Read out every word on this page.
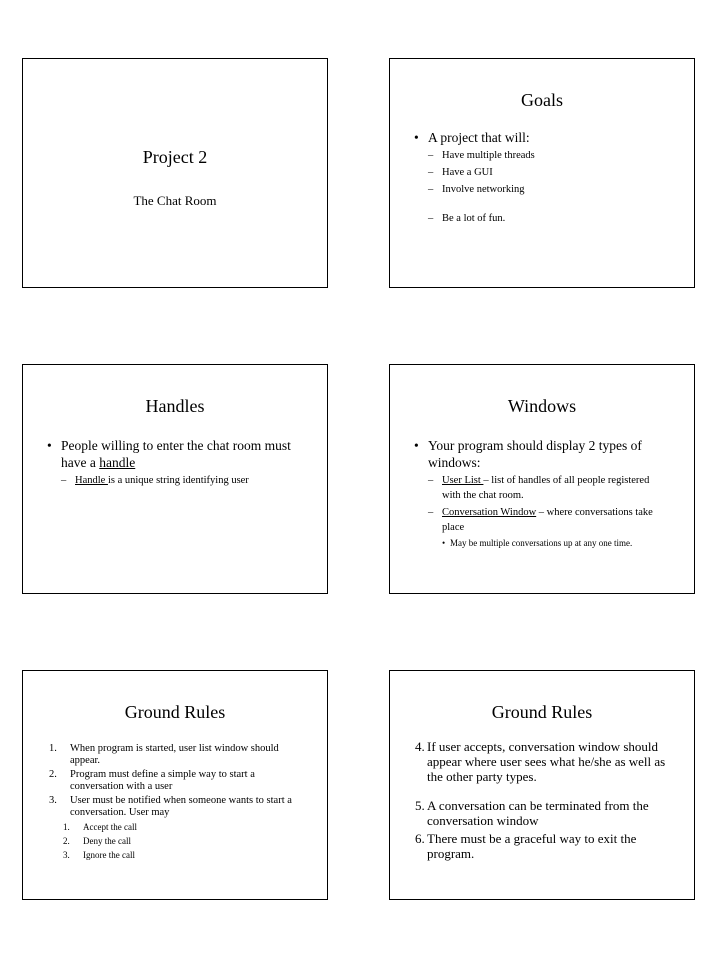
Project 2
The Chat Room
Goals
• A project that will:
– Have multiple threads
– Have a GUI
– Involve networking
– Be a lot of fun.
Handles
• People willing to enter the chat room must have a handle
– Handle is a unique string identifying user
Windows
• Your program should display 2 types of windows:
– User List – list of handles of all people registered with the chat room.
– Conversation Window – where conversations take place
• May be multiple conversations up at any one time.
Ground Rules
1. When program is started, user list window should appear.
2. Program must define a simple way to start a conversation with a user
3. User must be notified when someone wants to start a conversation. User may
1. Accept the call
2. Deny the call
3. Ignore the call
Ground Rules
4. If user accepts, conversation window should appear where user sees what he/she as well as the other party types.
5. A conversation can be terminated from the conversation window
6. There must be a graceful way to exit the program.
